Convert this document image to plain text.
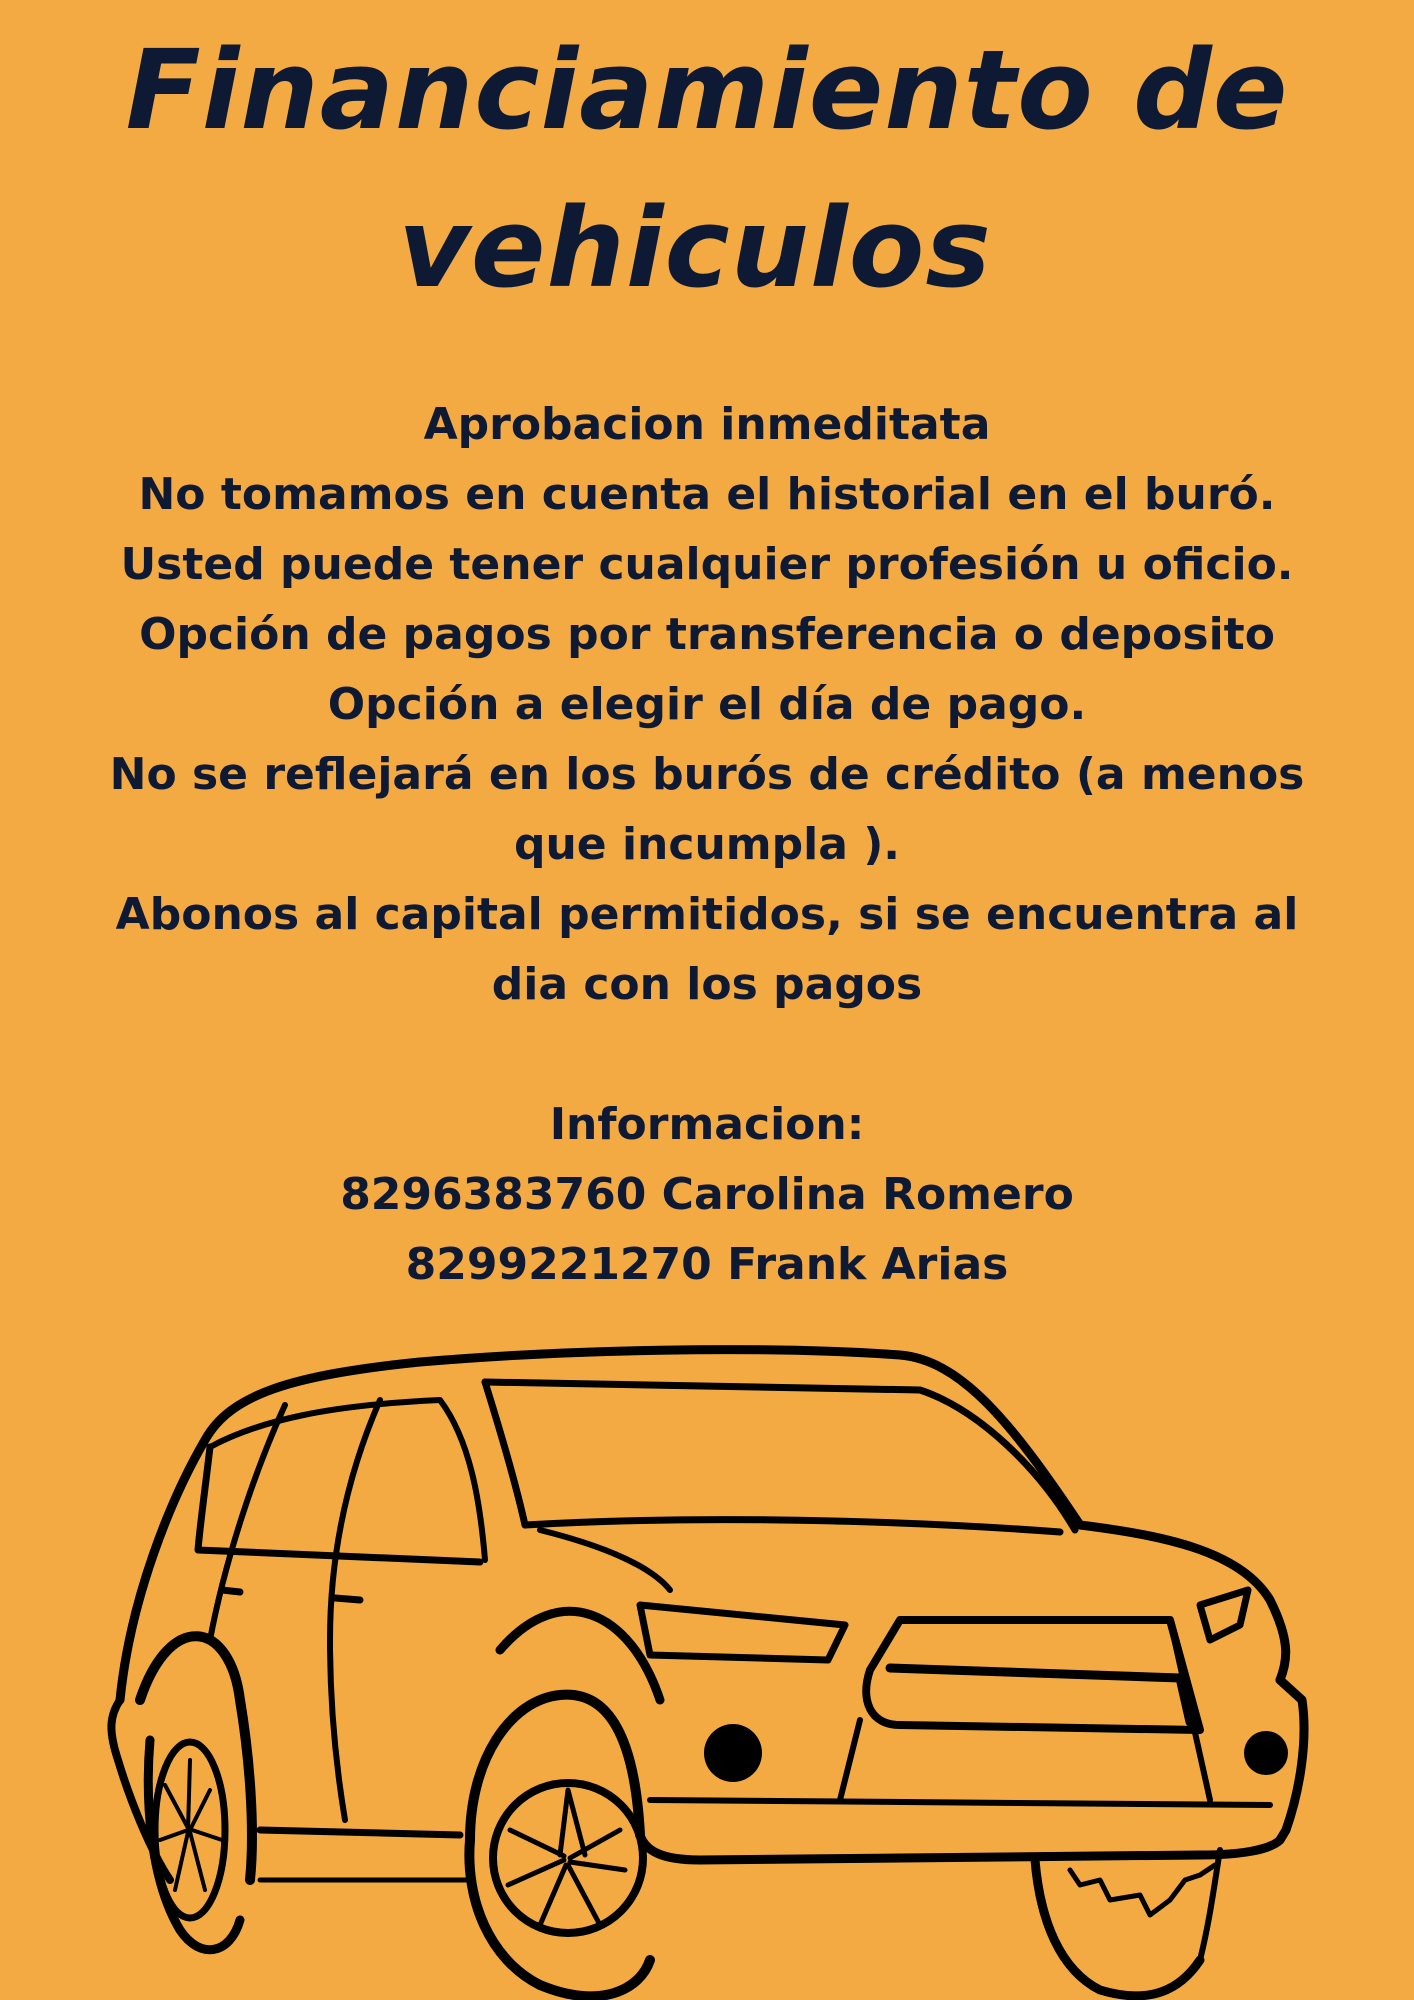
Financiamiento de
vehiculos
Aprobacion inmeditata
No tomamos en cuenta el historial en el buró.
Usted puede tener cualquier profesión u oficio.
Opción de pagos por transferencia o deposito
Opción a elegir el día de pago.
No se reflejará en los burós de crédito (a menos que incumpla ).
Abonos al capital permitidos, si se encuentra al dia con los pagos
Informacion:
8296383760 Carolina Romero
8299221270 Frank Arias
